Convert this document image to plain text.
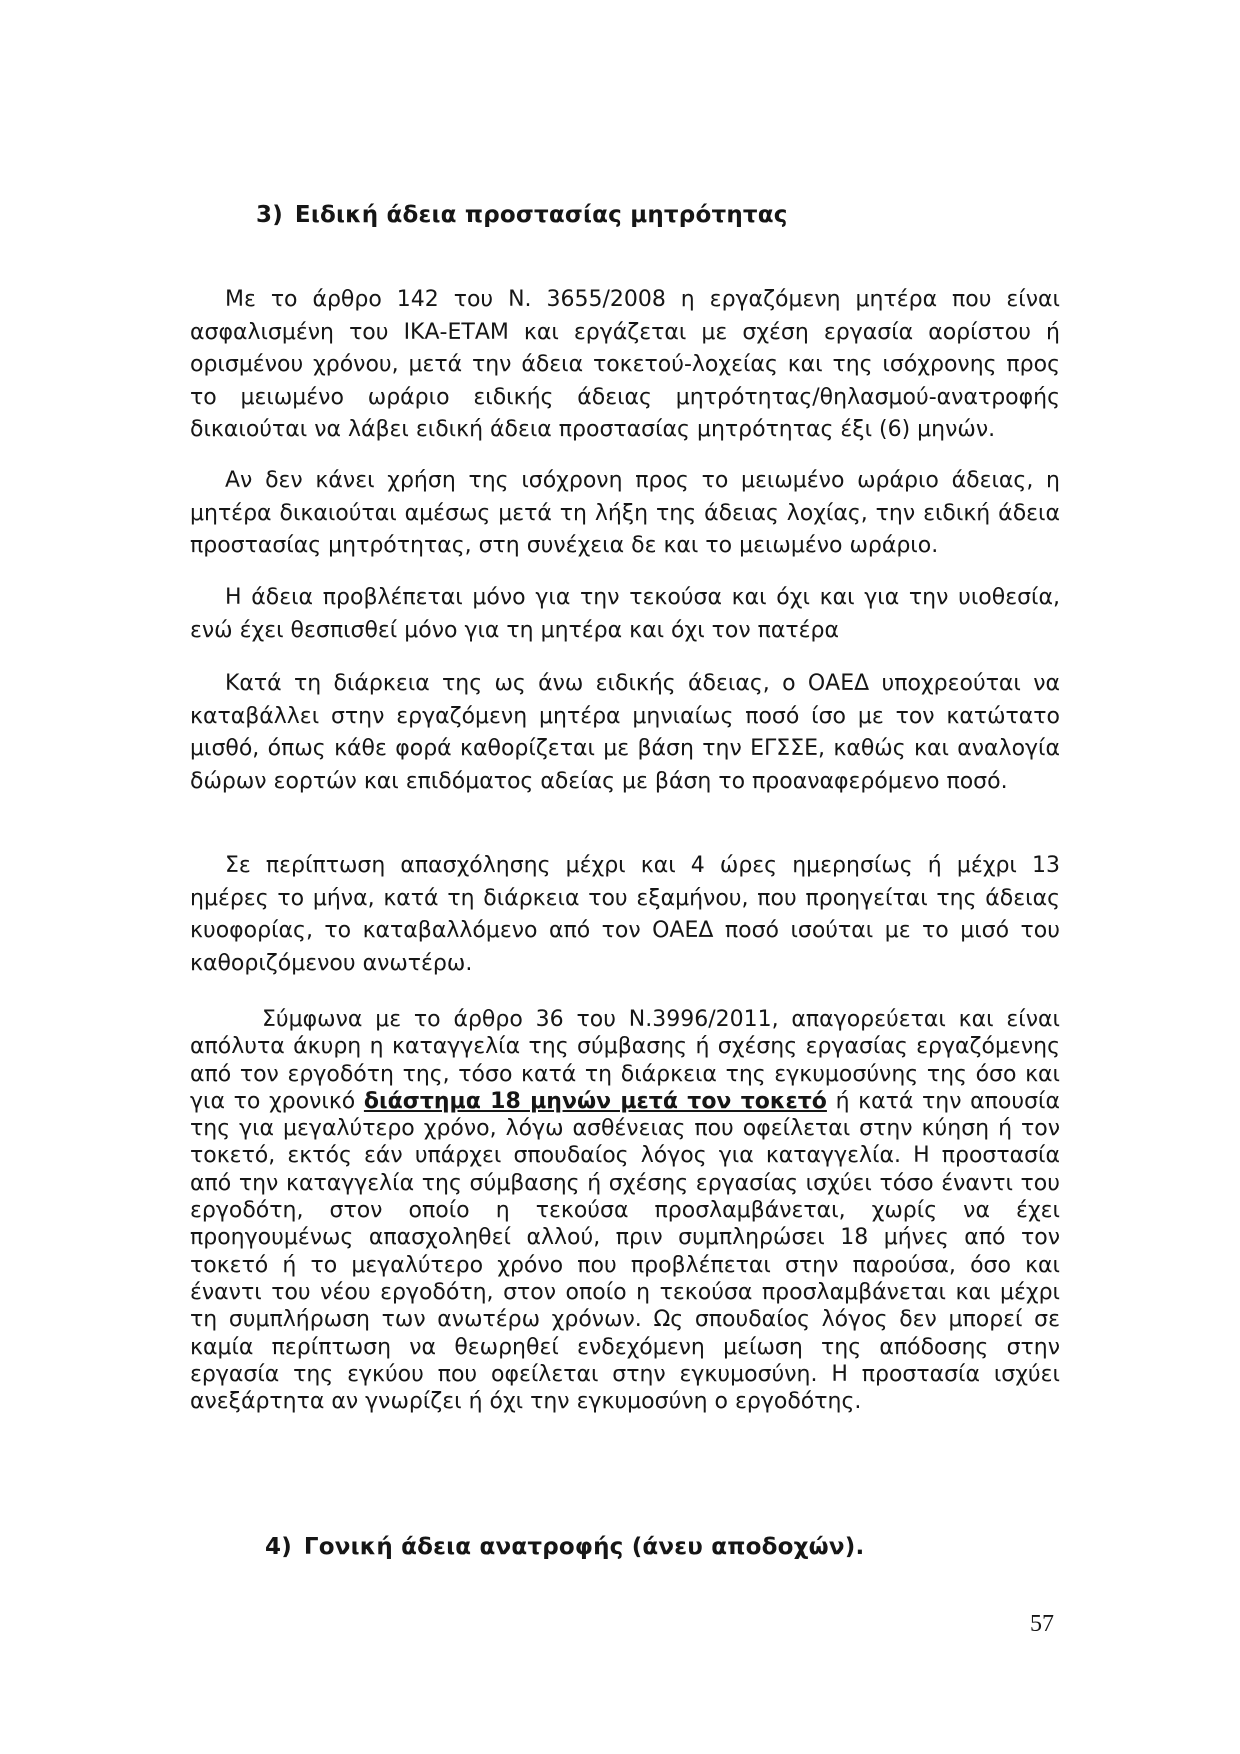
3) Ειδική άδεια προστασίας μητρότητας

Με το άρθρο 142 του Ν. 3655/2008 η εργαζόμενη μητέρα που είναι ασφαλισμένη του ΙΚΑ-ΕΤΑΜ και εργάζεται με σχέση εργασία αορίστου ή ορισμένου χρόνου, μετά την άδεια τοκετού-λοχείας και της ισόχρονης προς το μειωμένο ωράριο ειδικής άδειας μητρότητας/θηλασμού-ανατροφής δικαιούται να λάβει ειδική άδεια προστασίας μητρότητας έξι (6) μηνών.

Αν δεν κάνει χρήση της ισόχρονη προς το μειωμένο ωράριο άδειας, η μητέρα δικαιούται αμέσως μετά τη λήξη της άδειας λοχίας, την ειδική άδεια προστασίας μητρότητας, στη συνέχεια δε και το μειωμένο ωράριο.

Η άδεια προβλέπεται μόνο για την τεκούσα και όχι και για την υιοθεσία, ενώ έχει θεσπισθεί μόνο για τη μητέρα και όχι τον πατέρα

Κατά τη διάρκεια της ως άνω ειδικής άδειας, ο ΟΑΕΔ υποχρεούται να καταβάλλει στην εργαζόμενη μητέρα μηνιαίως ποσό ίσο με τον κατώτατο μισθό, όπως κάθε φορά καθορίζεται με βάση την ΕΓΣΣΕ, καθώς και αναλογία δώρων εορτών και επιδόματος αδείας με βάση το προαναφερόμενο ποσό.

Σε περίπτωση απασχόλησης μέχρι και 4 ώρες ημερησίως ή μέχρι 13 ημέρες το μήνα, κατά τη διάρκεια του εξαμήνου, που προηγείται της άδειας κυοφορίας, το καταβαλλόμενο από τον ΟΑΕΔ ποσό ισούται με το μισό του καθοριζόμενου ανωτέρω.

Σύμφωνα με το άρθρο 36 του Ν.3996/2011, απαγορεύεται και είναι απόλυτα άκυρη η καταγγελία της σύμβασης ή σχέσης εργασίας εργαζόμενης από τον εργοδότη της, τόσο κατά τη διάρκεια της εγκυμοσύνης της όσο και για το χρονικό διάστημα 18 μηνών μετά τον τοκετό ή κατά την απουσία της για μεγαλύτερο χρόνο, λόγω ασθένειας που οφείλεται στην κύηση ή τον τοκετό, εκτός εάν υπάρχει σπουδαίος λόγος για καταγγελία. Η προστασία από την καταγγελία της σύμβασης ή σχέσης εργασίας ισχύει τόσο έναντι του εργοδότη, στον οποίο η τεκούσα προσλαμβάνεται, χωρίς να έχει προηγουμένως απασχοληθεί αλλού, πριν συμπληρώσει 18 μήνες από τον τοκετό ή το μεγαλύτερο χρόνο που προβλέπεται στην παρούσα, όσο και έναντι του νέου εργοδότη, στον οποίο η τεκούσα προσλαμβάνεται και μέχρι τη συμπλήρωση των ανωτέρω χρόνων. Ως σπουδαίος λόγος δεν μπορεί σε καμία περίπτωση να θεωρηθεί ενδεχόμενη μείωση της απόδοσης στην εργασία της εγκύου που οφείλεται στην εγκυμοσύνη. Η προστασία ισχύει ανεξάρτητα αν γνωρίζει ή όχι την εγκυμοσύνη ο εργοδότης.

4) Γονική άδεια ανατροφής (άνευ αποδοχών).
57
